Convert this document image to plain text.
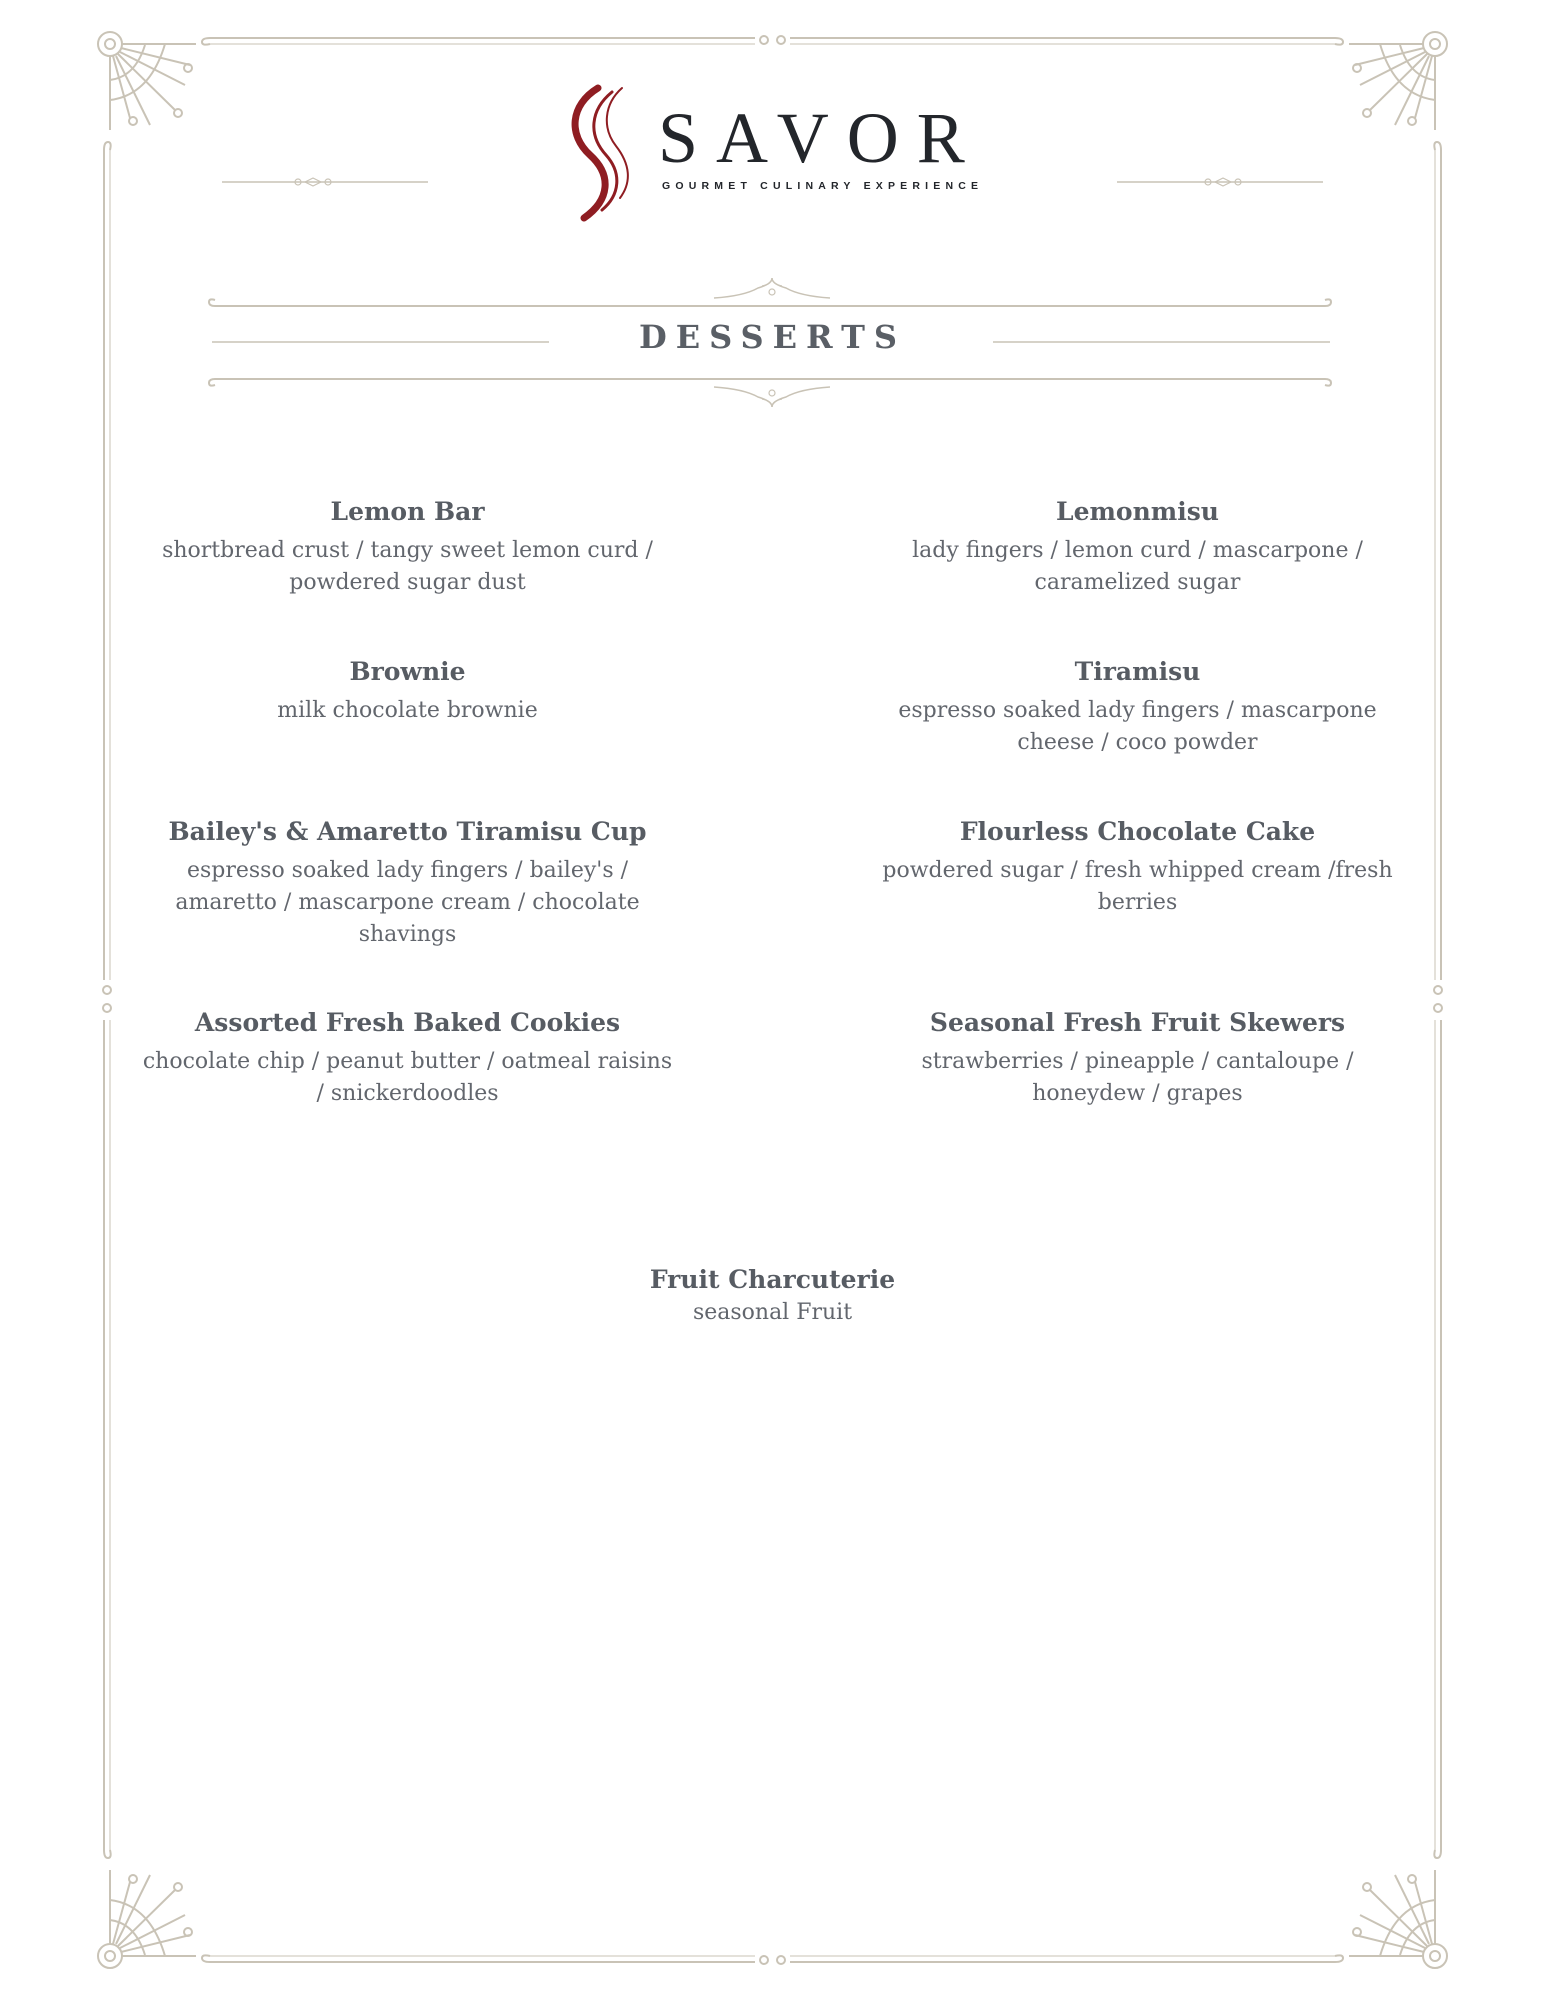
SAVOR
GOURMET CULINARY EXPERIENCE
DESSERTS
Lemon Bar
shortbread crust / tangy sweet lemon curd /
powdered sugar dust
Lemonmisu
lady fingers / lemon curd / mascarpone /
caramelized sugar
Brownie
milk chocolate brownie
Tiramisu
espresso soaked lady fingers / mascarpone
cheese / coco powder
Bailey's & Amaretto Tiramisu Cup
espresso soaked lady fingers / bailey's /
amaretto / mascarpone cream / chocolate
shavings
Flourless Chocolate Cake
powdered sugar / fresh whipped cream /fresh
berries
Assorted Fresh Baked Cookies
chocolate chip / peanut butter / oatmeal raisins
/ snickerdoodles
Seasonal Fresh Fruit Skewers
strawberries / pineapple / cantaloupe /
honeydew / grapes
Fruit Charcuterie
seasonal Fruit
